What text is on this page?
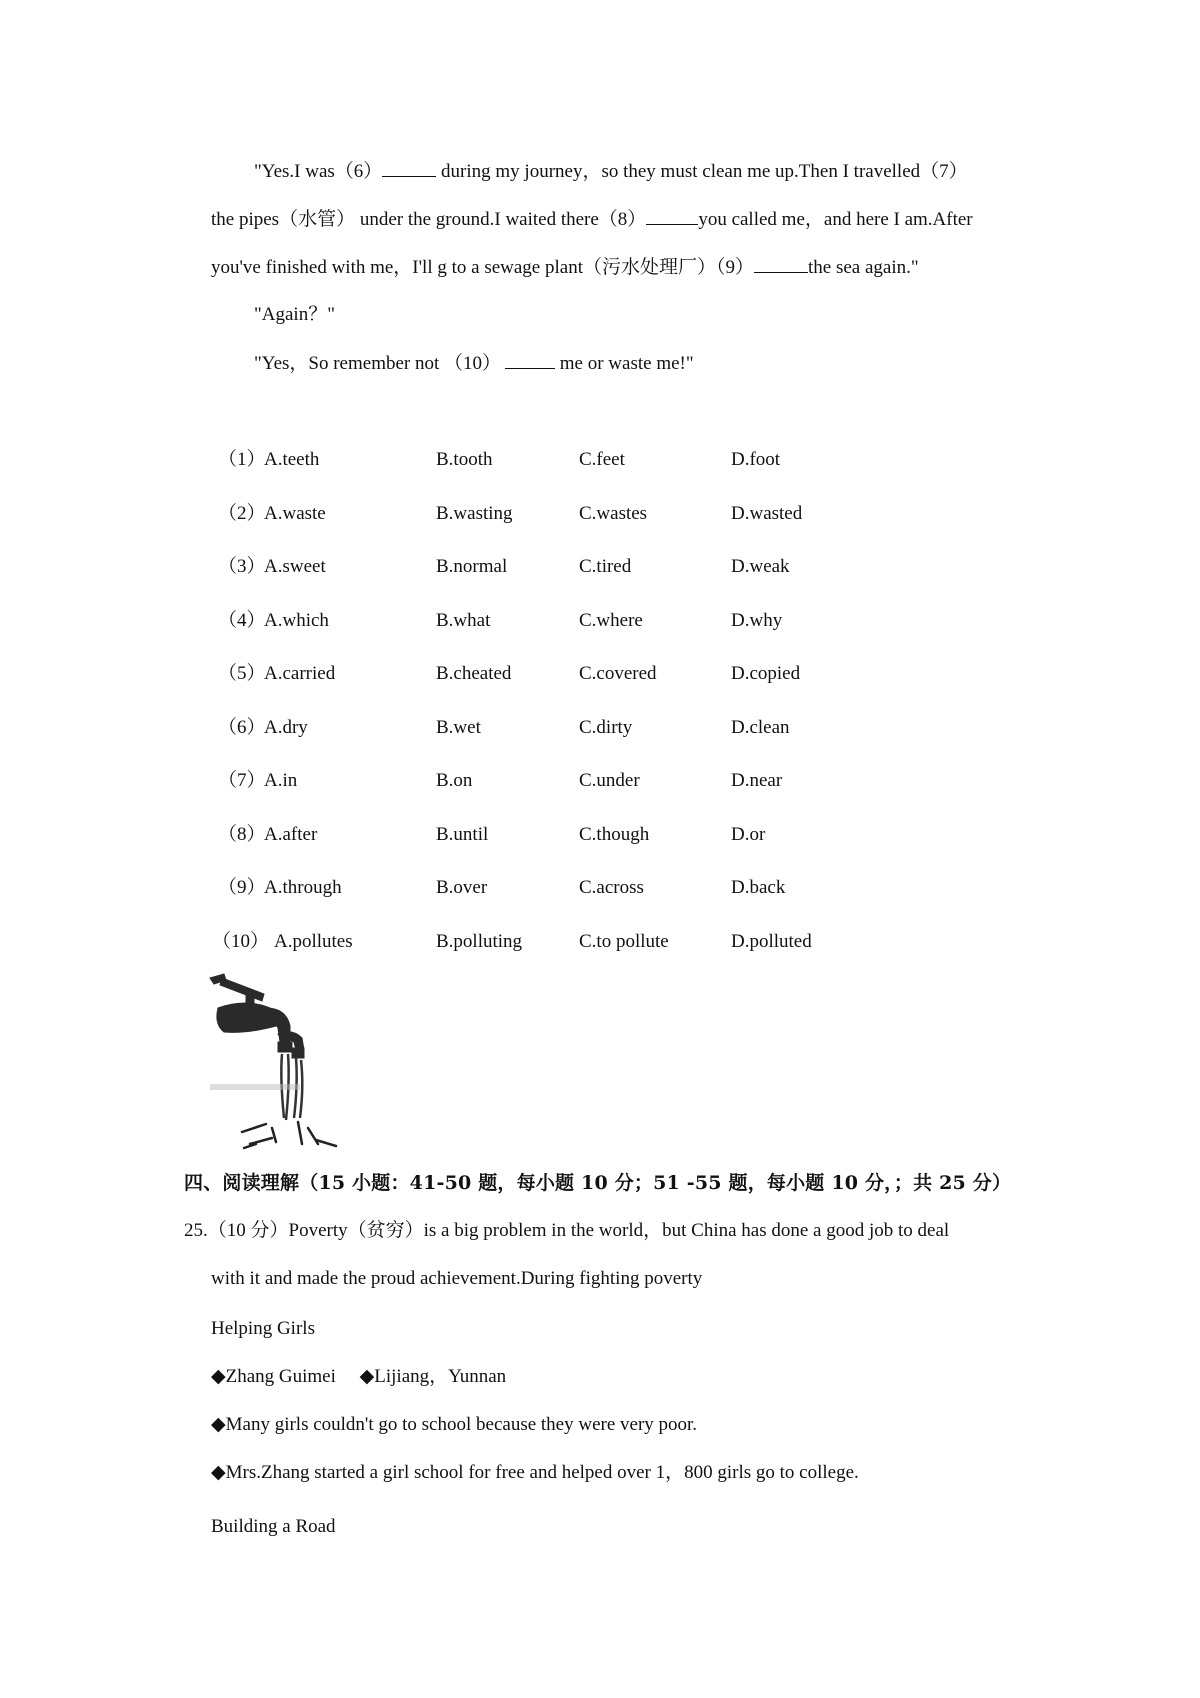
"Yes.I was（6）	during my journey，so they must clean me up.Then I travelled（7）
the pipes（水管） under the ground.I waited there（8）	you called me，and here I am.After
you've finished with me，I'll g to a sewage plant（污水处理厂）（9）	the sea again."
"Again？"
"Yes，So remember not （10）	me or waste me!"
（1）
A.teeth	B.tooth	C.feet	D.foot
（2）
A.waste	B.wasting	C.wastes	D.wasted
（3）
A.sweet	B.normal	C.tired	D.weak
（4）
A.which	B.what	C.where	D.why
（5）
A.carried	B.cheated	C.covered	D.copied
（6）
A.dry	B.wet	C.dirty	D.clean
（7）
A.in	B.on	C.under	D.near
（8）
A.after	B.until	C.though	D.or
（9）
A.through	B.over	C.across	D.back
（10） A.pollutes	B.polluting	C.to pollute	D.polluted
四、阅读理解（15 小题：41-50 题，每小题 10 分；51 -55 题，每小题 10 分，；共 25 分）
25.（10 分）Poverty（贫穷）is a big problem in the world，but China has done a good job to deal
with it and made the proud achievement.During fighting poverty
Helping Girls
◆Zhang Guimei 　◆Lijiang，Yunnan
◆Many girls couldn't go to school because they were very poor.
◆Mrs.Zhang started a girl school for free and helped over 1，800 girls go to college.
Building a Road
